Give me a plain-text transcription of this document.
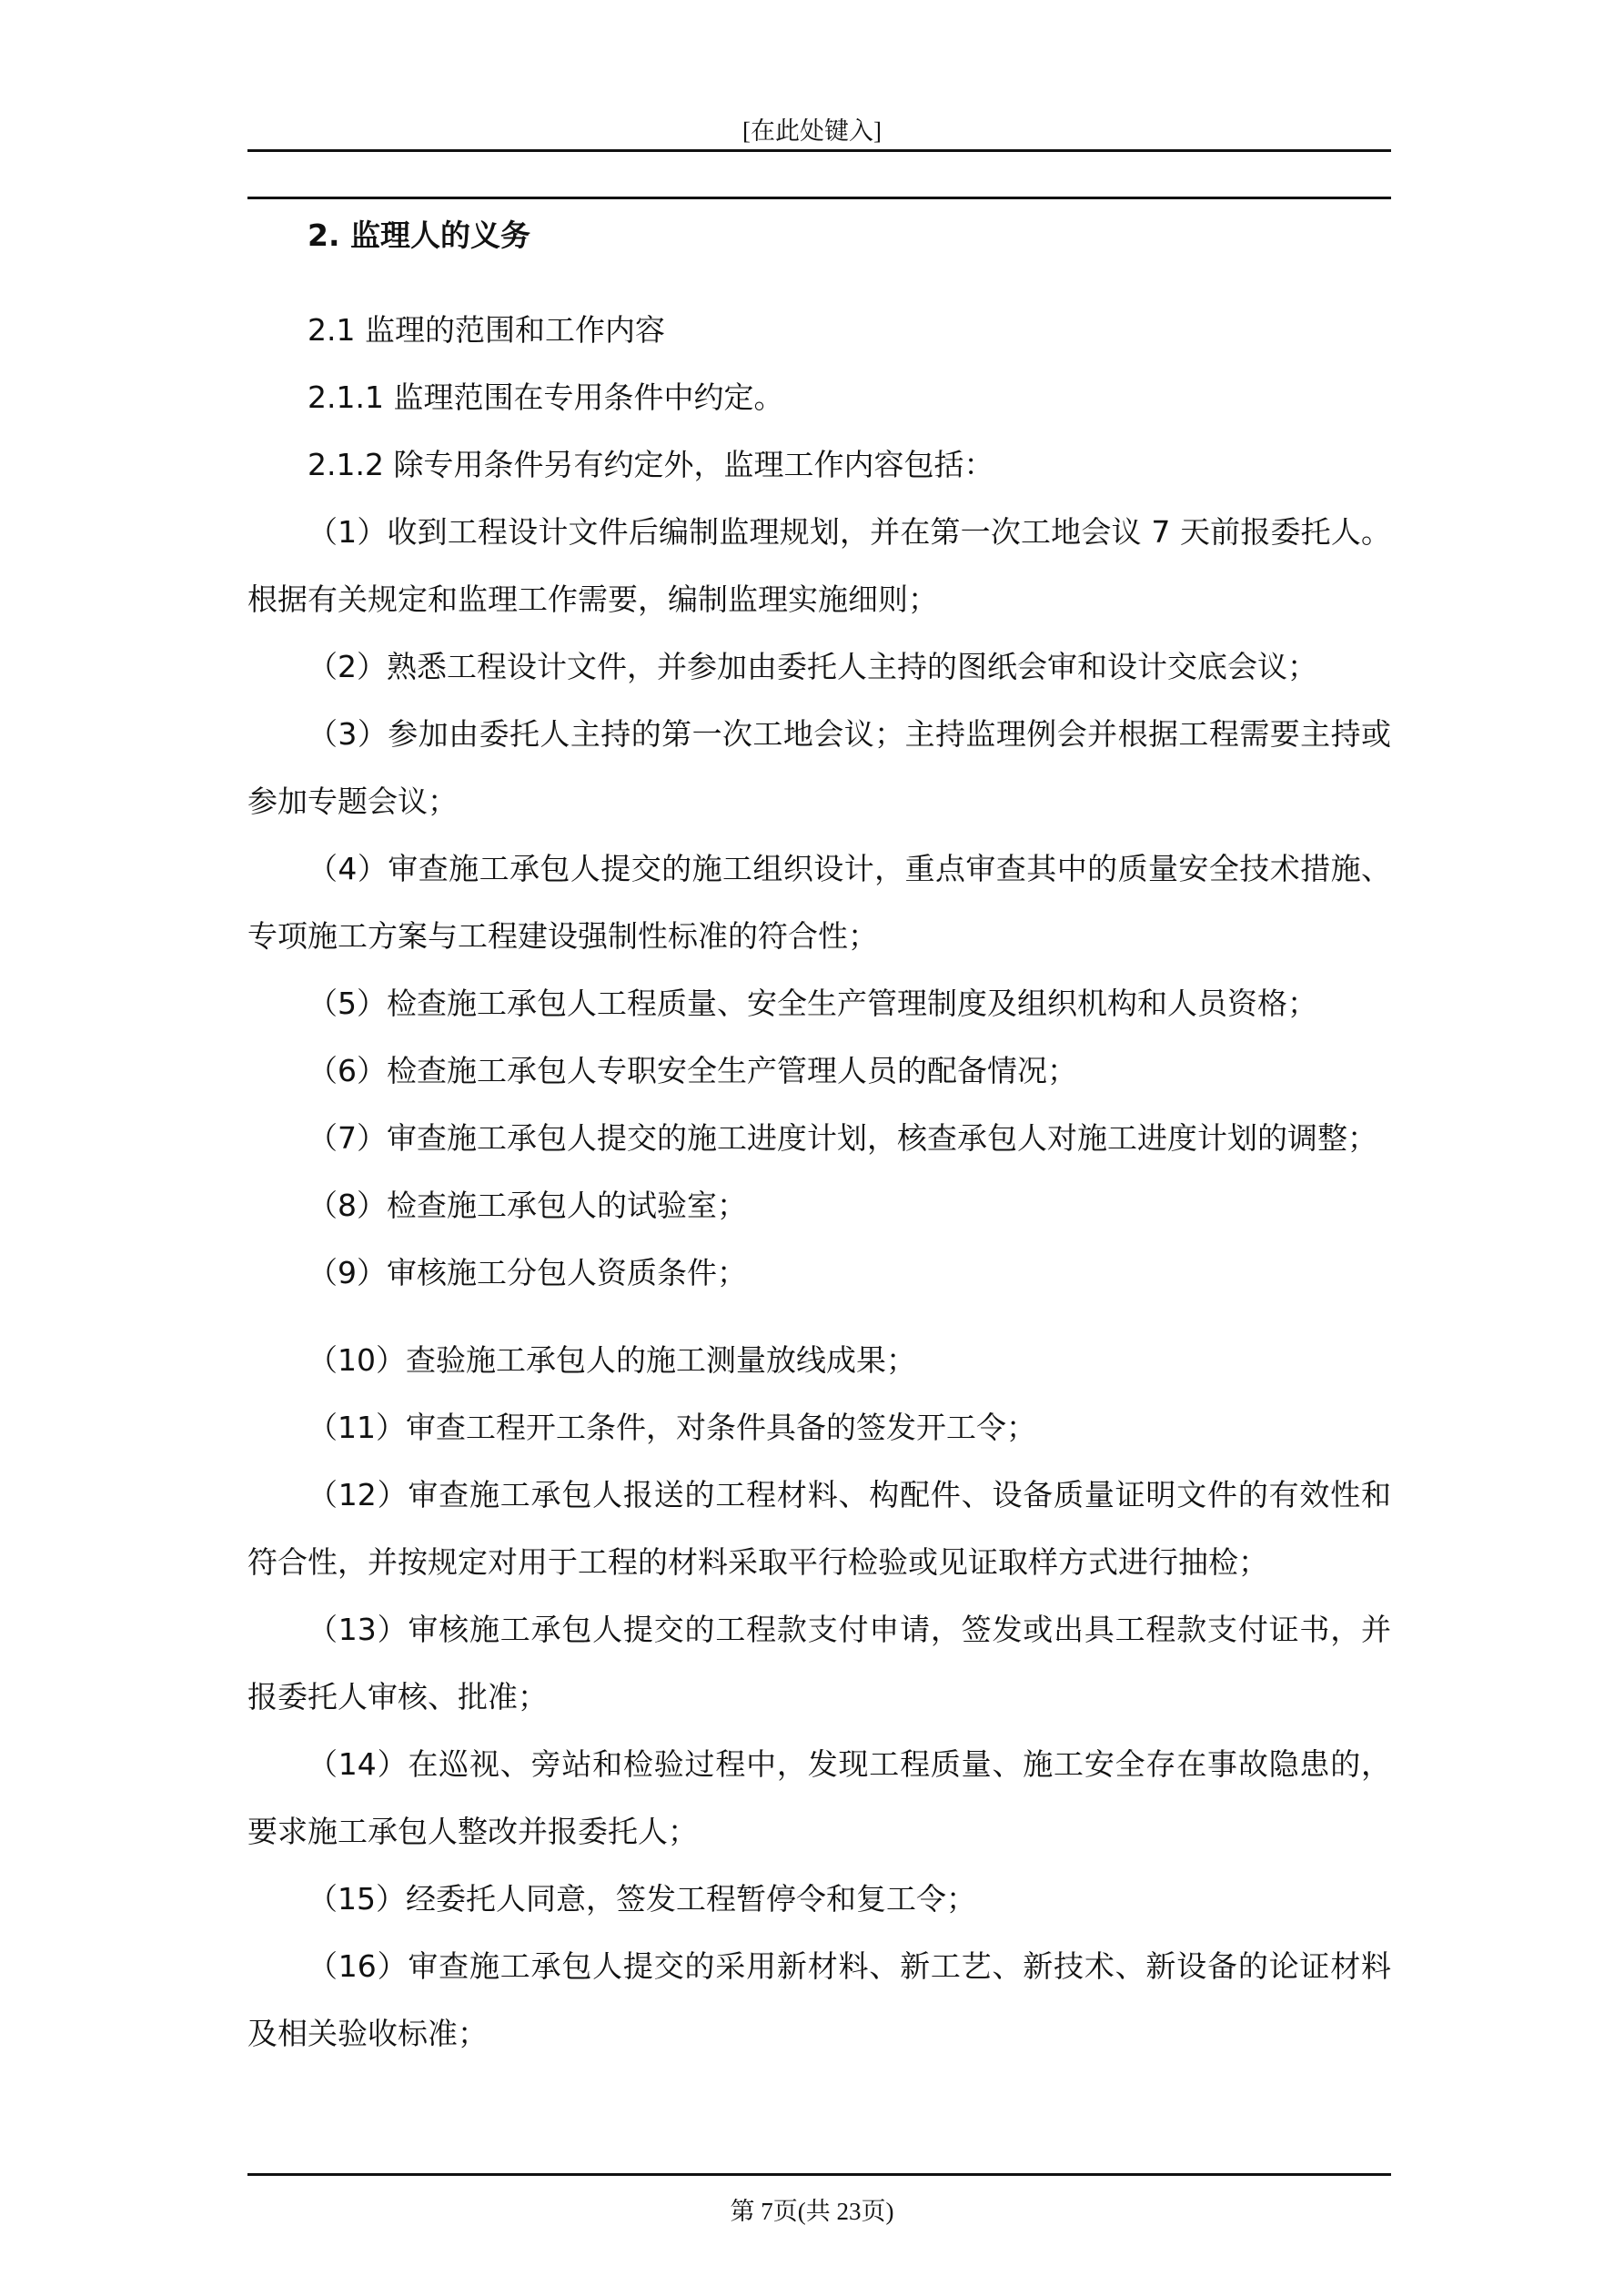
[在此处键入]

2. 监理人的义务

2.1 监理的范围和工作内容

2.1.1 监理范围在专用条件中约定。

2.1.2 除专用条件另有约定外，监理工作内容包括：

（1）收到工程设计文件后编制监理规划，并在第一次工地会议 7 天前报委托人。根据有关规定和监理工作需要，编制监理实施细则；

（2）熟悉工程设计文件，并参加由委托人主持的图纸会审和设计交底会议；

（3）参加由委托人主持的第一次工地会议；主持监理例会并根据工程需要主持或参加专题会议；

（4）审查施工承包人提交的施工组织设计，重点审查其中的质量安全技术措施、专项施工方案与工程建设强制性标准的符合性；

（5）检查施工承包人工程质量、安全生产管理制度及组织机构和人员资格；

（6）检查施工承包人专职安全生产管理人员的配备情况；

（7）审查施工承包人提交的施工进度计划，核查承包人对施工进度计划的调整；

（8）检查施工承包人的试验室；

（9）审核施工分包人资质条件；

（10）查验施工承包人的施工测量放线成果；

（11）审查工程开工条件，对条件具备的签发开工令；

（12）审查施工承包人报送的工程材料、构配件、设备质量证明文件的有效性和符合性，并按规定对用于工程的材料采取平行检验或见证取样方式进行抽检；

（13）审核施工承包人提交的工程款支付申请，签发或出具工程款支付证书，并报委托人审核、批准；

（14）在巡视、旁站和检验过程中，发现工程质量、施工安全存在事故隐患的，要求施工承包人整改并报委托人；

（15）经委托人同意，签发工程暂停令和复工令；

（16）审查施工承包人提交的采用新材料、新工艺、新技术、新设备的论证材料及相关验收标准；

第 7页(共 23页)
